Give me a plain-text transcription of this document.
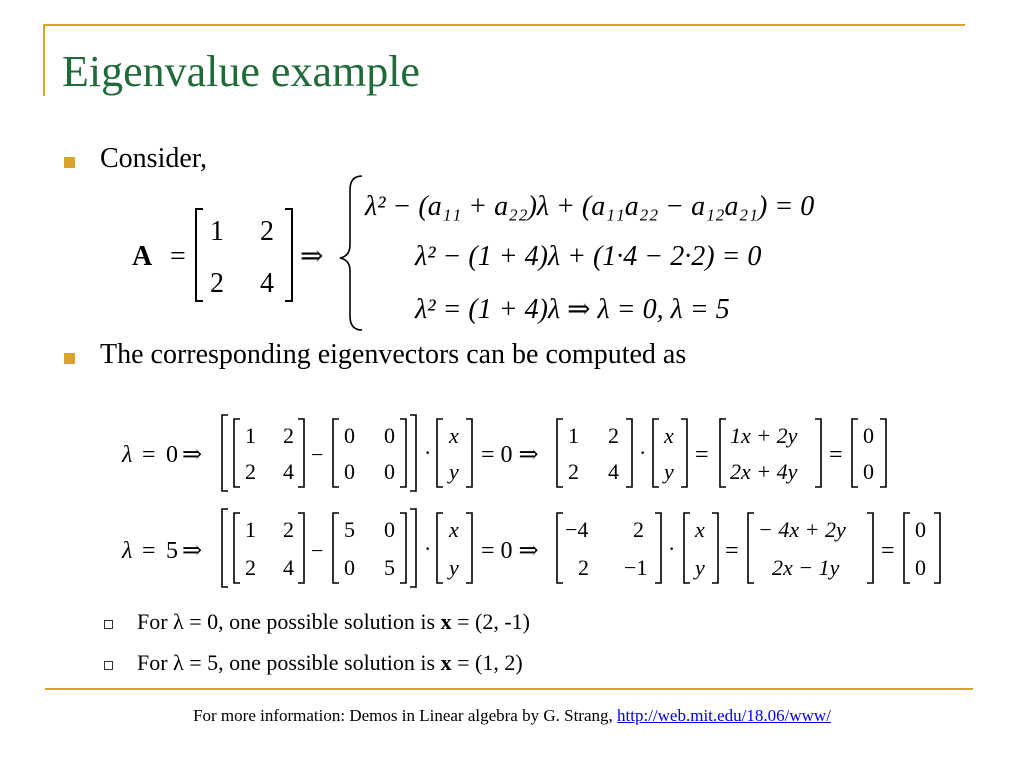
Eigenvalue example
Consider,
A =
1 2
2 4
⇒
λ² − (a₁₁ + a₂₂)λ + (a₁₁a₂₂ − a₁₂a₂₁) = 0
λ² − (1 + 4)λ + (1·4 − 2·2) = 0
λ² = (1 + 4)λ ⇒ λ = 0, λ = 5
The corresponding eigenvectors can be computed as
λ = 0 ⇒
1 2
2 4
−
0 0
0 0
·
x
y
= 0 ⇒
1 2
2 4
·
x
y
=
1x + 2y
2x + 4y
=
0
0
λ = 5 ⇒
1 2
2 4
−
5 0
0 5
·
x
y
= 0 ⇒
−4 2
2 −1
·
x
y
=
− 4x + 2y
2x − 1y
=
0
0
For λ = 0, one possible solution is x = (2, -1)
For λ = 5, one possible solution is x = (1, 2)
For more information: Demos in Linear algebra by G. Strang, http://web.mit.edu/18.06/www/
